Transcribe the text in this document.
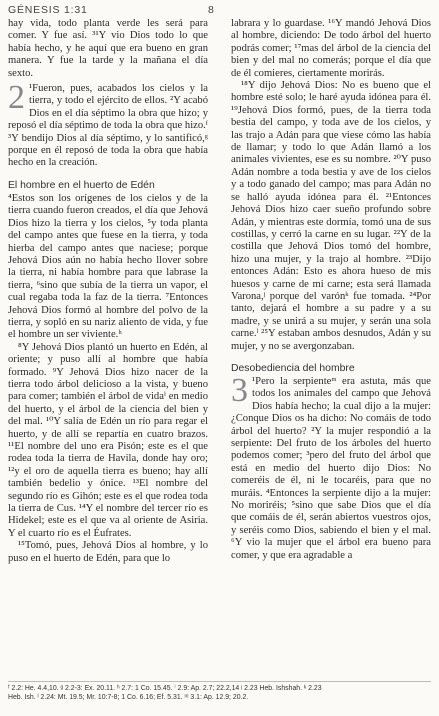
GÉNESIS 1:31	8

hay vida, todo planta verde les será para comer. Y fue así. ³¹Y vio Dios todo lo que había hecho, y he aquí que era bueno en gran manera. Y fue la tarde y la mañana el día sexto.

2 ¹Fueron, pues, acabados los cielos y la tierra, y todo el ejército de ellos. ²Y acabó Dios en el día séptimo la obra que hizo; y reposó el día séptimo de toda la obra que hizo.ᶠ ³Y bendijo Dios al día séptimo, y lo santificó,ᵍ porque en él reposó de toda la obra que había hecho en la creación.

El hombre en el huerto de Edén

⁴Estos son los orígenes de los cielos y de la tierra cuando fueron creados, el día que Jehová Dios hizo la tierra y los cielos, ⁵y toda planta del campo antes que fuese en la tierra, y toda hierba del campo antes que naciese; porque Jehová Dios aún no había hecho llover sobre la tierra, ni había hombre para que labrase la tierra, ⁶sino que subía de la tierra un vapor, el cual regaba toda la faz de la tierra. ⁷Entonces Jehová Dios formó al hombre del polvo de la tierra, y sopló en su nariz aliento de vida, y fue el hombre un ser viviente.ʰ

⁸Y Jehová Dios plantó un huerto en Edén, al oriente; y puso allí al hombre que había formado. ⁹Y Jehová Dios hizo nacer de la tierra todo árbol delicioso a la vista, y bueno para comer; también el árbol de vidaⁱ en medio del huerto, y el árbol de la ciencia del bien y del mal. ¹⁰Y salía de Edén un río para regar el huerto, y de allí se repartía en cuatro brazos. ¹¹El nombre del uno era Pisón; este es el que rodea toda la tierra de Havila, donde hay oro; ¹²y el oro de aquella tierra es bueno; hay allí también bedelio y ónice. ¹³El nombre del segundo río es Gihón; este es el que rodea toda la tierra de Cus. ¹⁴Y el nombre del tercer río es Hidekel; este es el que va al oriente de Asiria. Y el cuarto río es el Éufrates.

¹⁵Tomó, pues, Jehová Dios al hombre, y lo puso en el huerto de Edén, para que lo

labrara y lo guardase. ¹⁶Y mandó Jehová Dios al hombre, diciendo: De todo árbol del huerto podrás comer; ¹⁷mas del árbol de la ciencia del bien y del mal no comerás; porque el día que de él comieres, ciertamente morirás.

¹⁸Y dijo Jehová Dios: No es bueno que el hombre esté solo; le haré ayuda idónea para él. ¹⁹Jehová Dios formó, pues, de la tierra toda bestia del campo, y toda ave de los cielos, y las trajo a Adán para que viese cómo las había de llamar; y todo lo que Adán llamó a los animales vivientes, ese es su nombre. ²⁰Y puso Adán nombre a toda bestia y ave de los cielos y a todo ganado del campo; mas para Adán no se halló ayuda idónea para él. ²¹Entonces Jehová Dios hizo caer sueño profundo sobre Adán, y mientras este dormía, tomó una de sus costillas, y cerró la carne en su lugar. ²²Y de la costilla que Jehová Dios tomó del hombre, hizo una mujer, y la trajo al hombre. ²³Dijo entonces Adán: Esto es ahora hueso de mis huesos y carne de mi carne; esta será llamada Varona,ʲ porque del varónᵏ fue tomada. ²⁴Por tanto, dejará el hombre a su padre y a su madre, y se unirá a su mujer, y serán una sola carne.ˡ ²⁵Y estaban ambos desnudos, Adán y su mujer, y no se avergonzaban.

Desobediencia del hombre
3 ¹Pero la serpienteᵐ era astuta, más que todos los animales del campo que Jehová Dios había hecho; la cual dijo a la mujer: ¿Conque Dios os ha dicho: No comáis de todo árbol del huerto? ²Y la mujer respondió a la serpiente: Del fruto de los árboles del huerto podemos comer; ³pero del fruto del árbol que está en medio del huerto dijo Dios: No comeréis de él, ni le tocaréis, para que no muráis. ⁴Entonces la serpiente dijo a la mujer: No moriréis; ⁵sino que sabe Dios que el día que comáis de él, serán abiertos vuestros ojos, y seréis como Dios, sabiendo el bien y el mal. ⁶Y vio la mujer que el árbol era bueno para comer, y que era agradable a

ᶠ 2.2: He. 4.4,10. ᵍ 2.2-3: Ex. 20.11. ʰ 2.7: 1 Co. 15.45. ⁱ 2.9: Ap. 2.7; 22.2,14 ʲ 2.23 Heb. Ishshah. ᵏ 2.23
Heb. Ish. ˡ 2.24: Mt. 19.5; Mr. 10:7-8; 1 Co. 6.16; Ef. 5.31. ᵐ 3.1: Ap. 12.9; 20.2.
